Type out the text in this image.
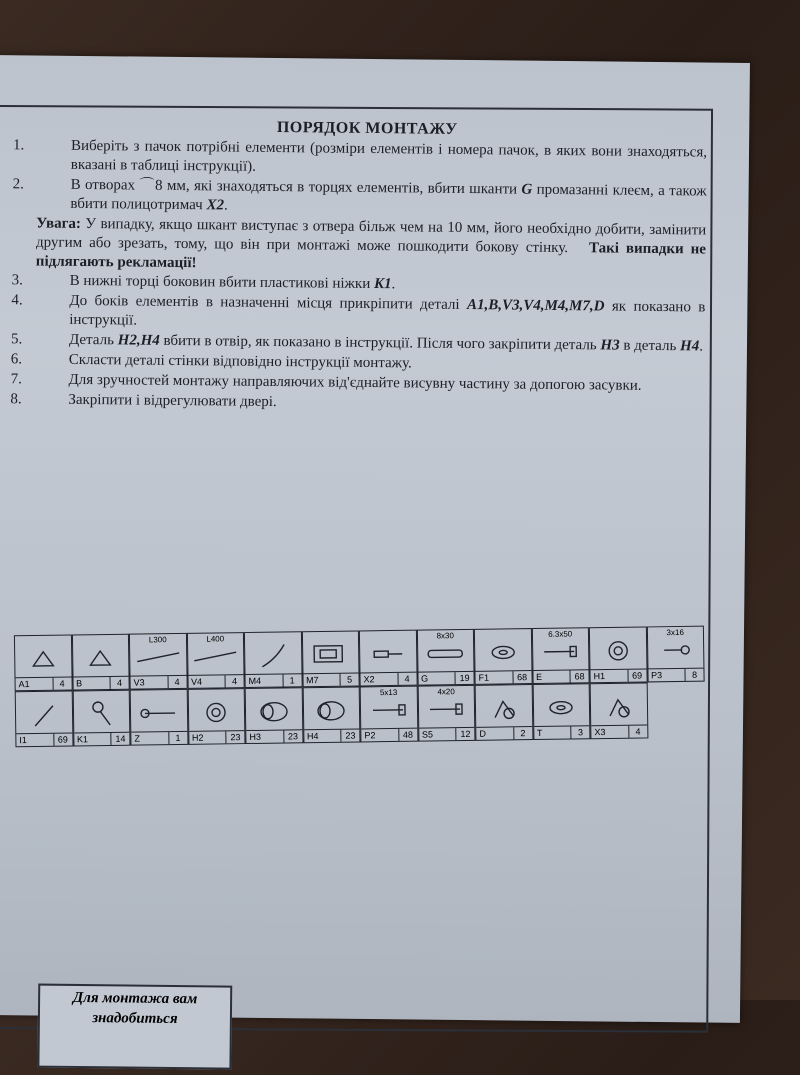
ПОРЯДОК МОНТАЖУ
1.	Виберіть з пачок потрібні елементи (розміри елементів і номера пачок, в яких вони знаходяться, вказані в таблиці інструкції).
2.	В отворах ⌒8 мм, які знаходяться в торцях елементів, вбити шканти G промазанні клеєм, а також вбити полицотримач X2.
Увага: У випадку, якщо шкант виступає з отвера більж чем на 10 мм, його необхідно добити, замінити другим або зрезать, тому, що він при монтажі може пошкодити бокову стінку. Такі випадки не підлягають рекламації!
3.	В нижні торці боковин вбити пластикові ніжки K1.
4.	До боків елементів в назначенні місця прикріпити деталі A1,B,V3,V4,M4,M7,D як показано в інструкції.
5.	Деталь H2,H4 вбити в отвір, як показано в інструкції. Після чого закріпити деталь H3 в деталь H4.
6.	Скласти деталі стінки відповідно інструкції монтажу.
7.	Для зручностей монтажу направляючих від'єднайте висувну частину за допогою засувки.
8.	Закріпити і відрегулювати двері.
A1	4	B	4
L300
V3	4
L400
V4	4	M4	1	M7	5	X2	4
8x30
G	19 F1	68
6.3x50
E	68 H1	69
3x16
P3	8
I1	69 K1	14 Z	1	H2	23 H3	23 H4	23
5x13
P2	48
4x20
S5	12 D	2	T	3	X3	4
Для монтажа вам знадобиться
